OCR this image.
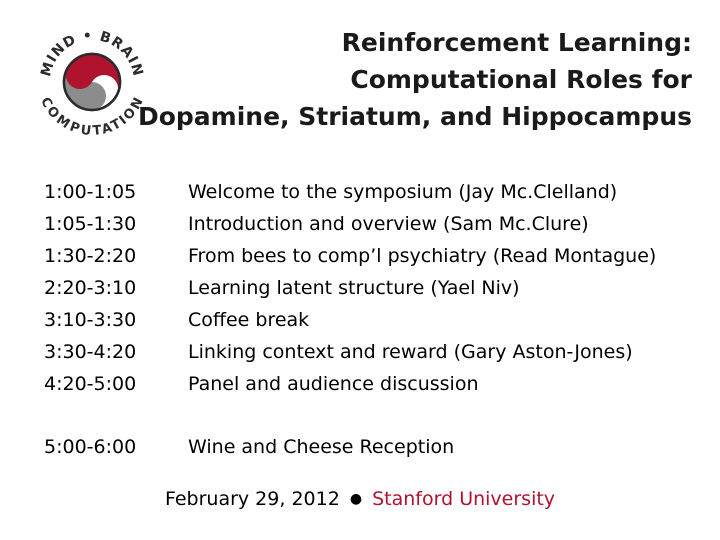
MIND • BRAIN
COMPUTATION
Reinforcement Learning:
Computational Roles for
Dopamine, Striatum, and Hippocampus
1:00-1:05	Welcome to the symposium (Jay Mc.Clelland)
1:05-1:30	Introduction and overview (Sam Mc.Clure)
1:30-2:20	From bees to comp’l psychiatry (Read Montague)
2:20-3:10	Learning latent structure (Yael Niv)
3:10-3:30	Coffee break
3:30-4:20	Linking context and reward (Gary Aston-Jones)
4:20-5:00	Panel and audience discussion
5:00-6:00	Wine and Cheese Reception
February 29, 2012 ● Stanford University
